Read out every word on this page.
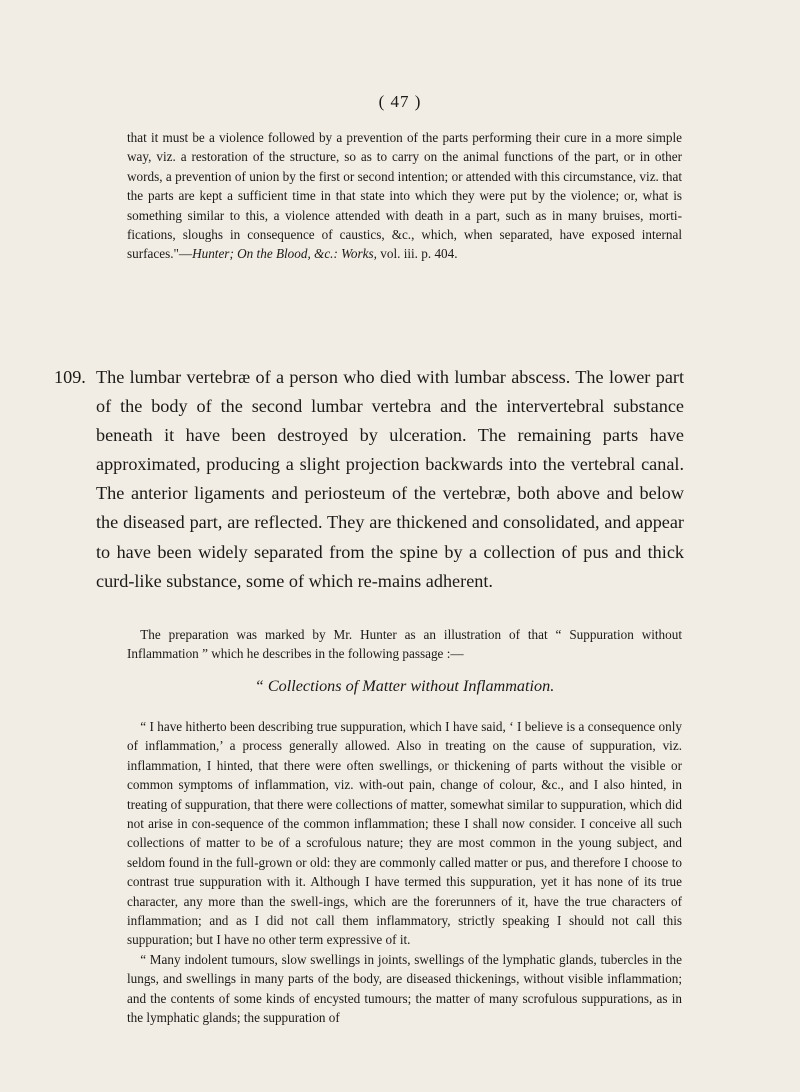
( 47 )
that it must be a violence followed by a prevention of the parts performing their cure in a more simple way, viz. a restoration of the structure, so as to carry on the animal functions of the part, or in other words, a prevention of union by the first or second intention; or attended with this circumstance, viz. that the parts are kept a sufficient time in that state into which they were put by the violence; or, what is something similar to this, a violence attended with death in a part, such as in many bruises, morti-fications, sloughs in consequence of caustics, &c., which, when separated, have exposed internal surfaces."—Hunter; On the Blood, &c.: Works, vol. iii. p. 404.
109. The lumbar vertebræ of a person who died with lumbar abscess. The lower part of the body of the second lumbar vertebra and the intervertebral substance beneath it have been destroyed by ulceration. The remaining parts have approximated, producing a slight projection backwards into the vertebral canal. The anterior ligaments and periosteum of the vertebræ, both above and below the diseased part, are reflected. They are thickened and consolidated, and appear to have been widely separated from the spine by a collection of pus and thick curd-like substance, some of which re-mains adherent.
The preparation was marked by Mr. Hunter as an illustration of that “ Suppuration without Inflammation ” which he describes in the following passage :—
“ Collections of Matter without Inflammation.

“ I have hitherto been describing true suppuration, which I have said, ‘ I believe is a consequence only of inflammation,’ a process generally allowed. Also in treating on the cause of suppuration, viz. inflammation, I hinted, that there were often swellings, or thickening of parts without the visible or common symptoms of inflammation, viz. with-out pain, change of colour, &c., and I also hinted, in treating of suppuration, that there were collections of matter, somewhat similar to suppuration, which did not arise in con-sequence of the common inflammation; these I shall now consider. I conceive all such collections of matter to be of a scrofulous nature; they are most common in the young subject, and seldom found in the full-grown or old: they are commonly called matter or pus, and therefore I choose to contrast true suppuration with it. Although I have termed this suppuration, yet it has none of its true character, any more than the swell-ings, which are the forerunners of it, have the true characters of inflammation; and as I did not call them inflammatory, strictly speaking I should not call this suppuration; but I have no other term expressive of it.

“ Many indolent tumours, slow swellings in joints, swellings of the lymphatic glands, tubercles in the lungs, and swellings in many parts of the body, are diseased thickenings, without visible inflammation; and the contents of some kinds of encysted tumours; the matter of many scrofulous suppurations, as in the lymphatic glands; the suppuration of
